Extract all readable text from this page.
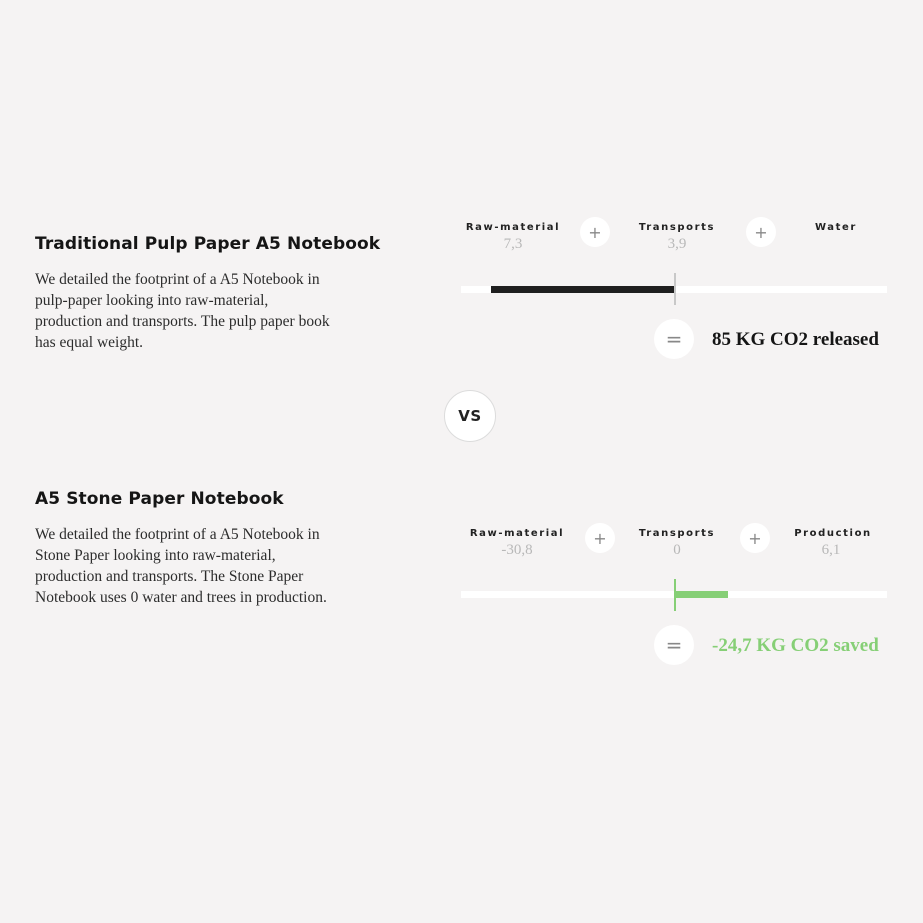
Traditional Pulp Paper A5 Notebook
We detailed the footprint of a A5 Notebook in pulp-paper looking into raw-material, production and transports. The pulp paper book has equal weight.
Raw-material
7,3
+	Transports
3,9
+	Water
=	85 KG CO2 released
VS
A5 Stone Paper Notebook
We detailed the footprint of a A5 Notebook in Stone Paper looking into raw-material, production and transports. The Stone Paper Notebook uses 0 water and trees in production.
Raw-material
-30,8
+	Transports
0
+	Production
6,1
=	-24,7 KG CO2 saved
